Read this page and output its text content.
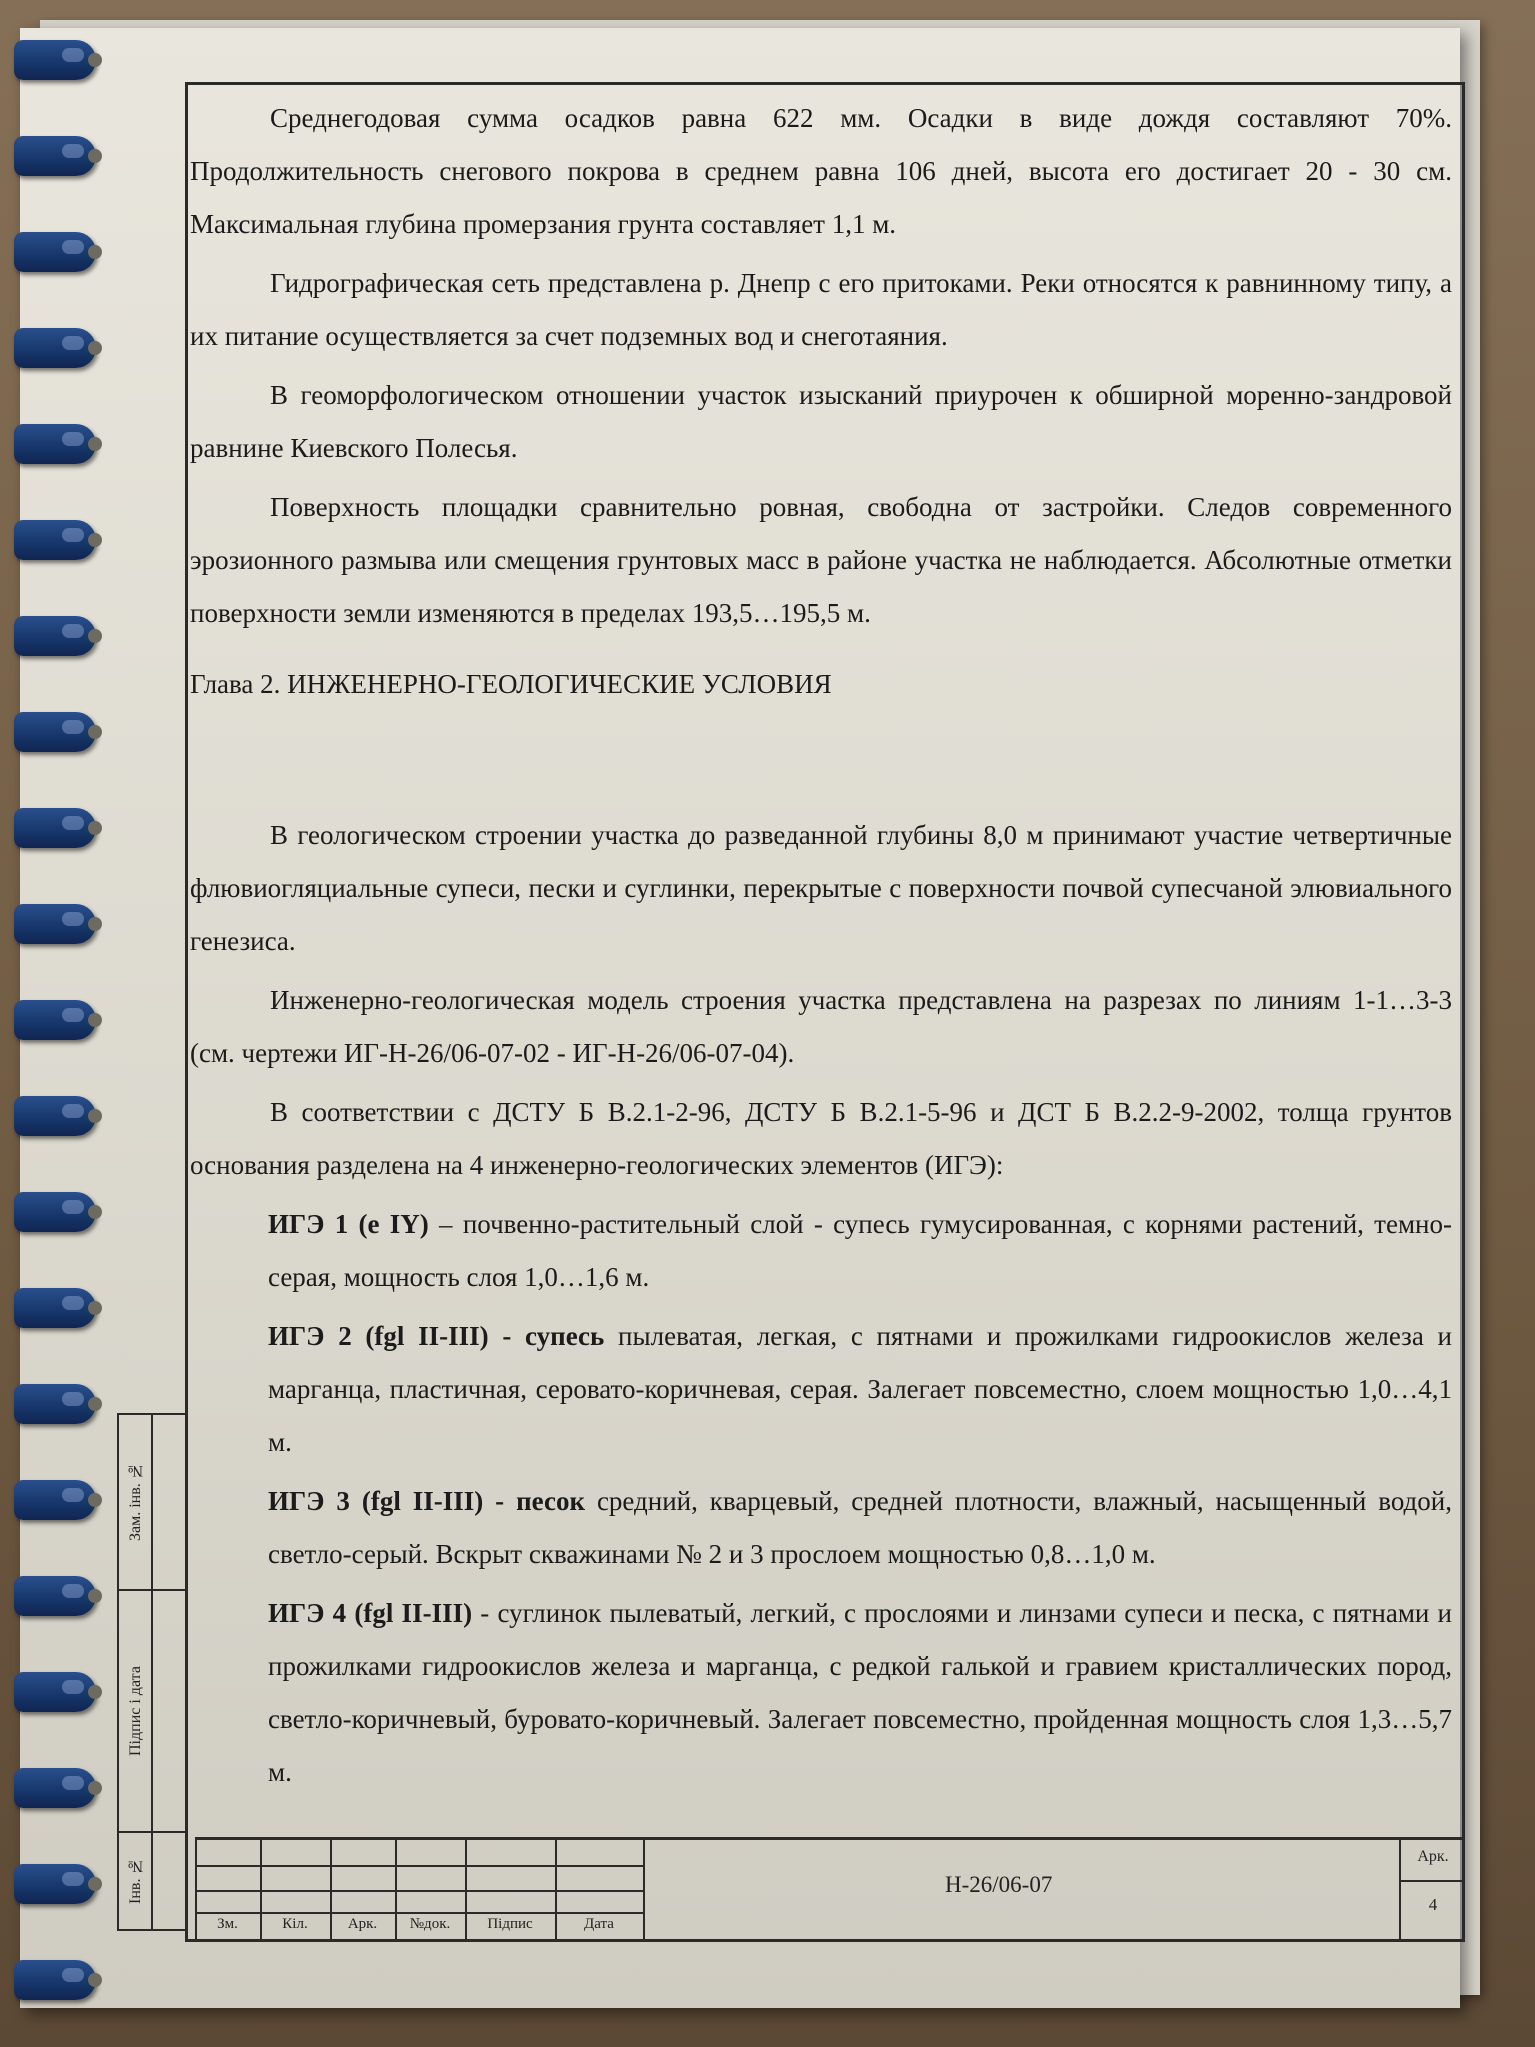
Среднегодовая сумма осадков равна 622 мм. Осадки в виде дождя составляют 70%. Продолжительность снегового покрова в среднем равна 106 дней, высота его достигает 20 - 30 см. Максимальная глубина промерзания грунта составляет 1,1 м.

Гидрографическая сеть представлена р. Днепр с его притоками. Реки относятся к равнинному типу, а их питание осуществляется за счет подземных вод и снеготаяния.

В геоморфологическом отношении участок изысканий приурочен к обширной моренно-зандровой равнине Киевского Полесья.

Поверхность площадки сравнительно ровная, свободна от застройки. Следов современного эрозионного размыва или смещения грунтовых масс в районе участка не наблюдается. Абсолютные отметки поверхности земли изменяются в пределах 193,5…195,5 м.

Глава 2. ИНЖЕНЕРНО-ГЕОЛОГИЧЕСКИЕ УСЛОВИЯ

В геологическом строении участка до разведанной глубины 8,0 м принимают участие четвертичные флювиогляциальные супеси, пески и суглинки, перекрытые с поверхности почвой супесчаной элювиального генезиса.

Инженерно-геологическая модель строения участка представлена на разрезах по линиям 1-1…3-3 (см. чертежи ИГ-Н-26/06-07-02 - ИГ-Н-26/06-07-04).

В соответствии с ДСТУ Б В.2.1-2-96, ДСТУ Б В.2.1-5-96 и ДСТ Б В.2.2-9-2002, толща грунтов основания разделена на 4 инженерно-геологических элементов (ИГЭ):

ИГЭ 1 (e IY) – почвенно-растительный слой - супесь гумусированная, с корнями растений, темно-серая, мощность слоя 1,0…1,6 м.

ИГЭ 2 (fgl II-III) - супесь пылеватая, легкая, с пятнами и прожилками гидроокислов железа и марганца, пластичная, серовато-коричневая, серая. Залегает повсеместно, слоем мощностью 1,0…4,1 м.

ИГЭ 3 (fgl II-III) - песок средний, кварцевый, средней плотности, влажный, насыщенный водой, светло-серый. Вскрыт скважинами № 2 и 3 прослоем мощностью 0,8…1,0 м.

ИГЭ 4 (fgl II-III) - суглинок пылеватый, легкий, с прослоями и линзами супеси и песка, с пятнами и прожилками гидроокислов железа и марганца, с редкой галькой и гравием кристаллических пород, светло-коричневый, буровато-коричневый. Залегает повсеместно, пройденная мощность слоя 1,3…5,7 м.

Зам. інв. №
Підпис і дата
Інв. №
Зм.	Кіл.	Арк.	№док.	Підпис	Дата
Н-26/06-07
Арк.
4
